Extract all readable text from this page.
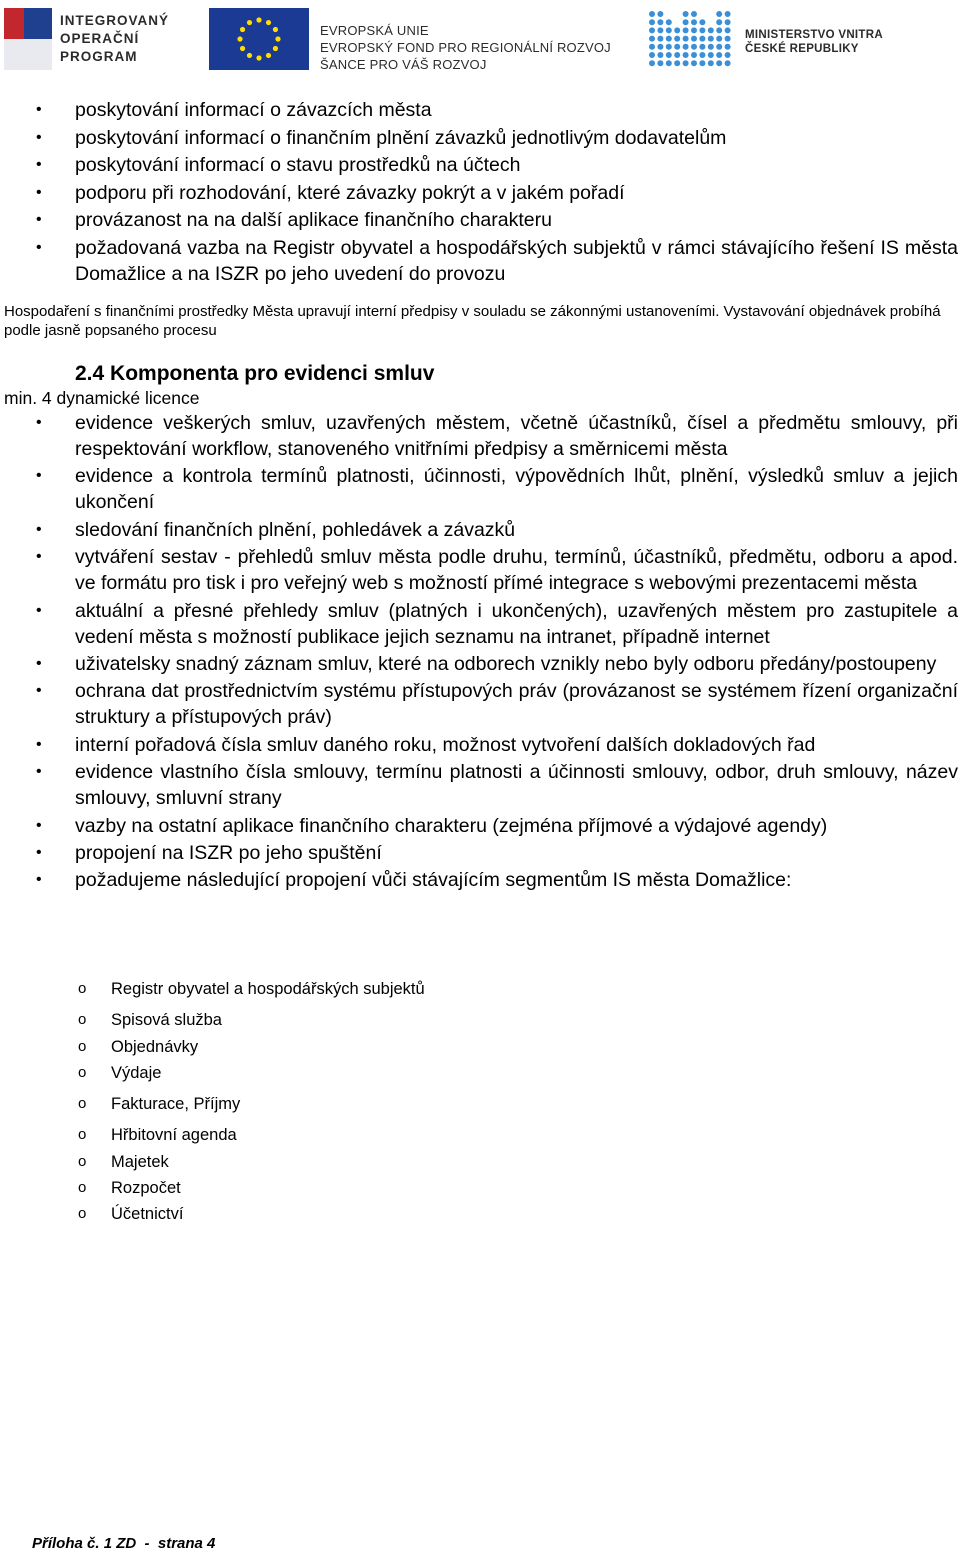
INTEGROVANÝ
OPERAČNÍ
PROGRAM
EVROPSKÁ UNIE
EVROPSKÝ FOND PRO REGIONÁLNÍ ROZVOJ
ŠANCE PRO VÁŠ ROZVOJ
MINISTERSTVO VNITRA
ČESKÉ REPUBLIKY
• poskytování informací o závazcích města
• poskytování informací o finančním plnění závazků jednotlivým dodavatelům
• poskytování informací o stavu prostředků na účtech
• podporu při rozhodování, které závazky pokrýt a v jakém pořadí
• provázanost na na další aplikace finančního charakteru
• požadovaná vazba na Registr obyvatel a hospodářských subjektů v rámci stávajícího řešení IS města Domažlice a na ISZR po jeho uvedení do provozu
Hospodaření s finančními prostředky Města upravují interní předpisy v souladu se zákonnými ustanoveními. Vystavování objednávek probíhá podle jasně popsaného procesu
2.4 Komponenta pro evidenci smluv
min. 4 dynamické licence
• evidence veškerých smluv, uzavřených městem, včetně účastníků, čísel a předmětu smlouvy, při respektování workflow, stanoveného vnitřními předpisy a směrnicemi města
• evidence a kontrola termínů platnosti, účinnosti, výpovědních lhůt, plnění, výsledků smluv a jejich ukončení
• sledování finančních plnění, pohledávek a závazků
• vytváření sestav - přehledů smluv města podle druhu, termínů, účastníků, předmětu, odboru a apod. ve formátu pro tisk i pro veřejný web s možností přímé integrace s webovými prezentacemi města
• aktuální a přesné přehledy smluv (platných i ukončených), uzavřených městem pro zastupitele a vedení města s možností publikace jejich seznamu na intranet, případně internet
• uživatelsky snadný záznam smluv, které na odborech vznikly nebo byly odboru předány/postoupeny
• ochrana dat prostřednictvím systému přístupových práv (provázanost se systémem řízení organizační struktury a přístupových práv)
• interní pořadová čísla smluv daného roku, možnost vytvoření dalších dokladových řad
• evidence vlastního čísla smlouvy, termínu platnosti a účinnosti smlouvy, odbor, druh smlouvy, název smlouvy, smluvní strany
• vazby na ostatní aplikace finančního charakteru (zejména příjmové a výdajové agendy)
• propojení na ISZR po jeho spuštění
• požadujeme následující propojení vůči stávajícím segmentům IS města Domažlice:
o Registr obyvatel a hospodářských subjektů
o Spisová služba
o Objednávky
o Výdaje
o Fakturace, Příjmy
o Hřbitovní agenda
o Majetek
o Rozpočet
o Účetnictví
Příloha č. 1 ZD  -  strana 4
